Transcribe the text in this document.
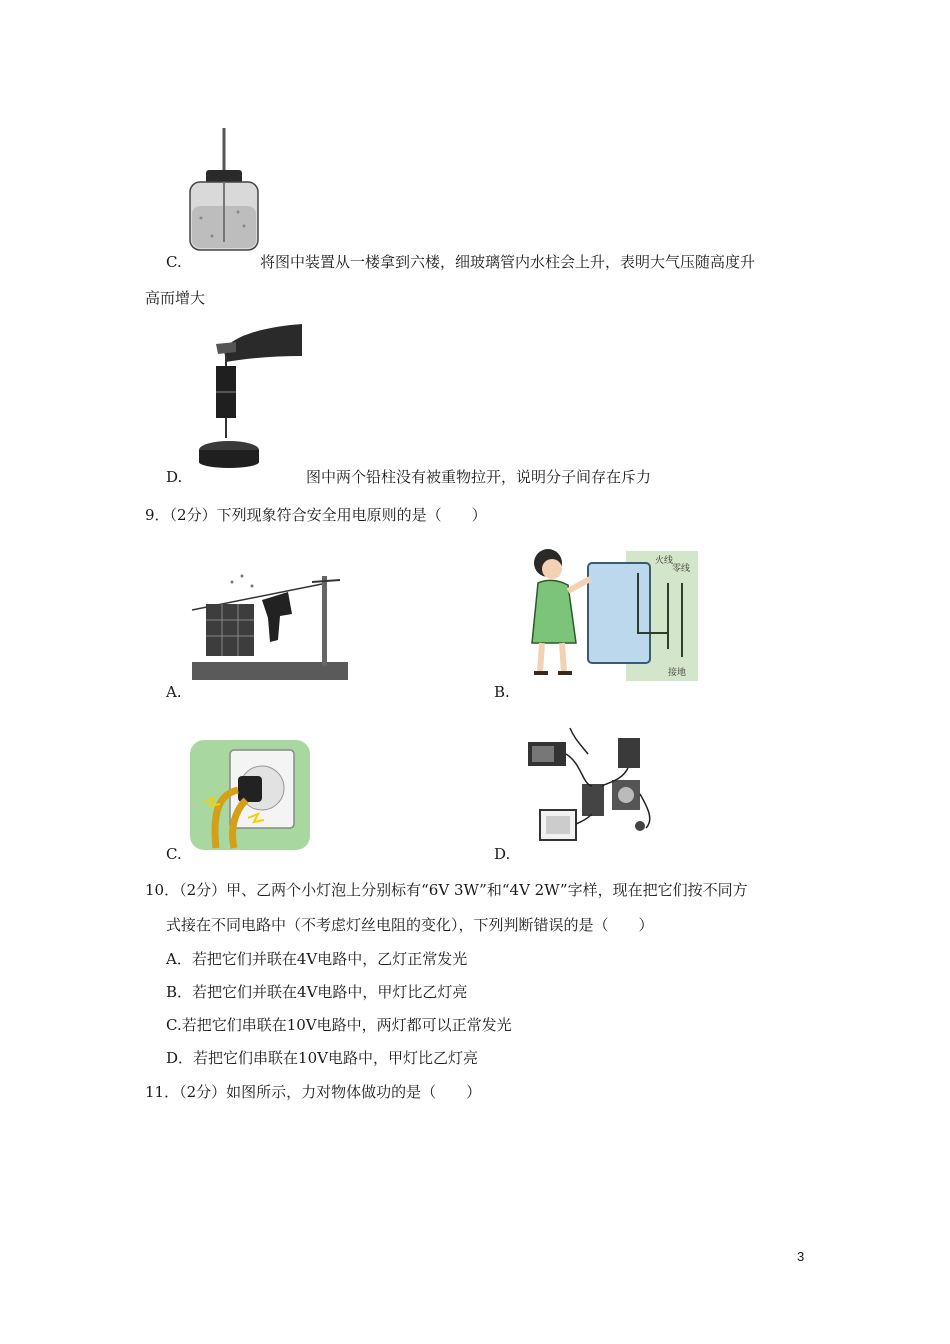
C.	将图中装置从一楼拿到六楼，细玻璃管内水柱会上升，表明大气压随高度升
高而增大
D.	图中两个铅柱没有被重物拉开，说明分子间存在斥力
9．（2分）下列现象符合安全用电原则的是（　　）
A.
火线
零线
接地
B.
C.	D.
10．（2分）甲、乙两个小灯泡上分别标有“6V 3W”和“4V 2W”字样，现在把它们按不同方
式接在不同电路中（不考虑灯丝电阻的变化），下列判断错误的是（　　）
A．若把它们并联在4V电路中，乙灯正常发光
B．若把它们并联在4V电路中，甲灯比乙灯亮
C.若把它们串联在10V电路中，两灯都可以正常发光
D．若把它们串联在10V电路中，甲灯比乙灯亮
11．（2分）如图所示，力对物体做功的是（　　）
3
